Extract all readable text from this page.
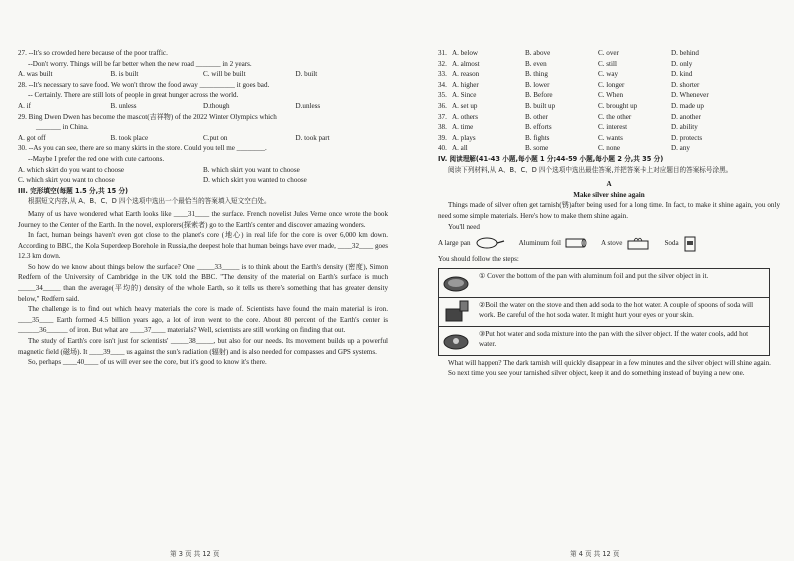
27. --It's so crowded here because of the poor traffic.
--Don't worry. Things will be far better when the new road _______ in 2 years.
A. was built	B. is built	C. will be built	D. built
28. --It's necessary to save food. We won't throw the food away __________ it goes bad.
-- Certainly. There are still lots of people in great hunger across the world.
A. if	B. unless	D.though	D.unless
29. Bing Dwen Dwen has become the mascot(吉祥物) of the 2022 Winter Olympics which
_______ in China.
A. got off	B. took place	C.put on	D. took part
30. --As you can see, there are so many skirts in the store. Could you tell me ________.
--Maybe I prefer the red one with cute cartoons.
A. which skirt do you want to choose	B. which skirt you want to choose
C. which skirt you want to choose	D. which skirt you wanted to choose
III. 完形填空(每题 1.5 分,共 15 分)
根据短文内容,从 A、B、C、D 四个选项中选出一个最恰当的答案填入短文空白处。

Many of us have wondered what Earth looks like ____31____ the surface. French novelist Jules Verne once wrote the book Journey to the Center of the Earth. In the novel, explorers(探索者) go to the Earth's center and discover amazing wonders.

In fact, human beings haven't even got close to the planet's core (地心) in real life for the core is over 6,000 km down. According to BBC, the Kola Superdeep Borehole in Russia,the deepest hole that human beings have ever made, ____32____ goes 12.3 km down.

So how do we know about things below the surface? One _____33_____ is to think about the Earth's density (密度), Simon Redfern of the University of Cambridge in the UK told the BBC. "The density of the material on Earth's surface is much _____34_____ than the average(平均的) density of the whole Earth, so it tells us there's something that has greater density below," Redfern said.

The challenge is to find out which heavy materials the core is made of. Scientists have found the main material is iron. ____35____ Earth formed 4.5 billion years ago, a lot of iron went to the core. About 80 percent of the Earth's center is ______36______ of iron. But what are ____37____ materials? Well, scientists are still working on finding that out.

The study of Earth's core isn't just for scientists' _____38_____, but also for our needs. Its movement builds up a powerful magnetic field (磁场). It ____39____ us against the sun's radiation (辐射) and is also needed for compasses and GPS systems.

So, perhaps ____40____ of us will ever see the core, but it's good to know it's there.

第 3 页 共 12 页
31. A. below	B. above	C. over	D. behind
32. A. almost	B. even	C. still	D. only
33. A. reason	B. thing	C. way	D. kind
34. A. higher	B. lower	C. longer	D. shorter
35. A. Since	B. Before	C. When	D. Whenever
36. A. set up	B. built up	C. brought up	D. made up
37. A. others	B. other	C. the other	D. another
38. A. time	B. efforts	C. interest	D. ability
39. A. plays	B. fights	C. wants	D. protects
40. A. all	B. some	C. none	D. any
IV. 阅读理解(41-43 小题,每小题 1 分;44-59 小题,每小题 2 分,共 35 分)
阅读下列材料,从 A、B、C、D 四个选项中选出最佳答案,并把答案卡上对应题目的答案标号涂黑。
A
Make silver shine again

Things made of silver often get tarnish(锈)after being used for a long time. In fact, to make it shine again, you only need some simple materials. Here's how to make them shine again.

You'll need
A large pan	Aluminum foil	A stove	Soda
You should follow the steps:
① Cover the bottom of the pan with aluminum foil and put the silver object in it.
②Boil the water on the stove and then add soda to the hot water. A couple of spoons of soda will work. Be careful of the hot soda water. It might hurt your eyes or your skin.
③Put hot water and soda mixture into the pan with the silver object. If the water cools, add hot water.

What will happen? The dark tarnish will quickly disappear in a few minutes and the silver object will shine again.

So next time you see your tarnished silver object, keep it and do something instead of buying a new one.

第 4 页 共 12 页
